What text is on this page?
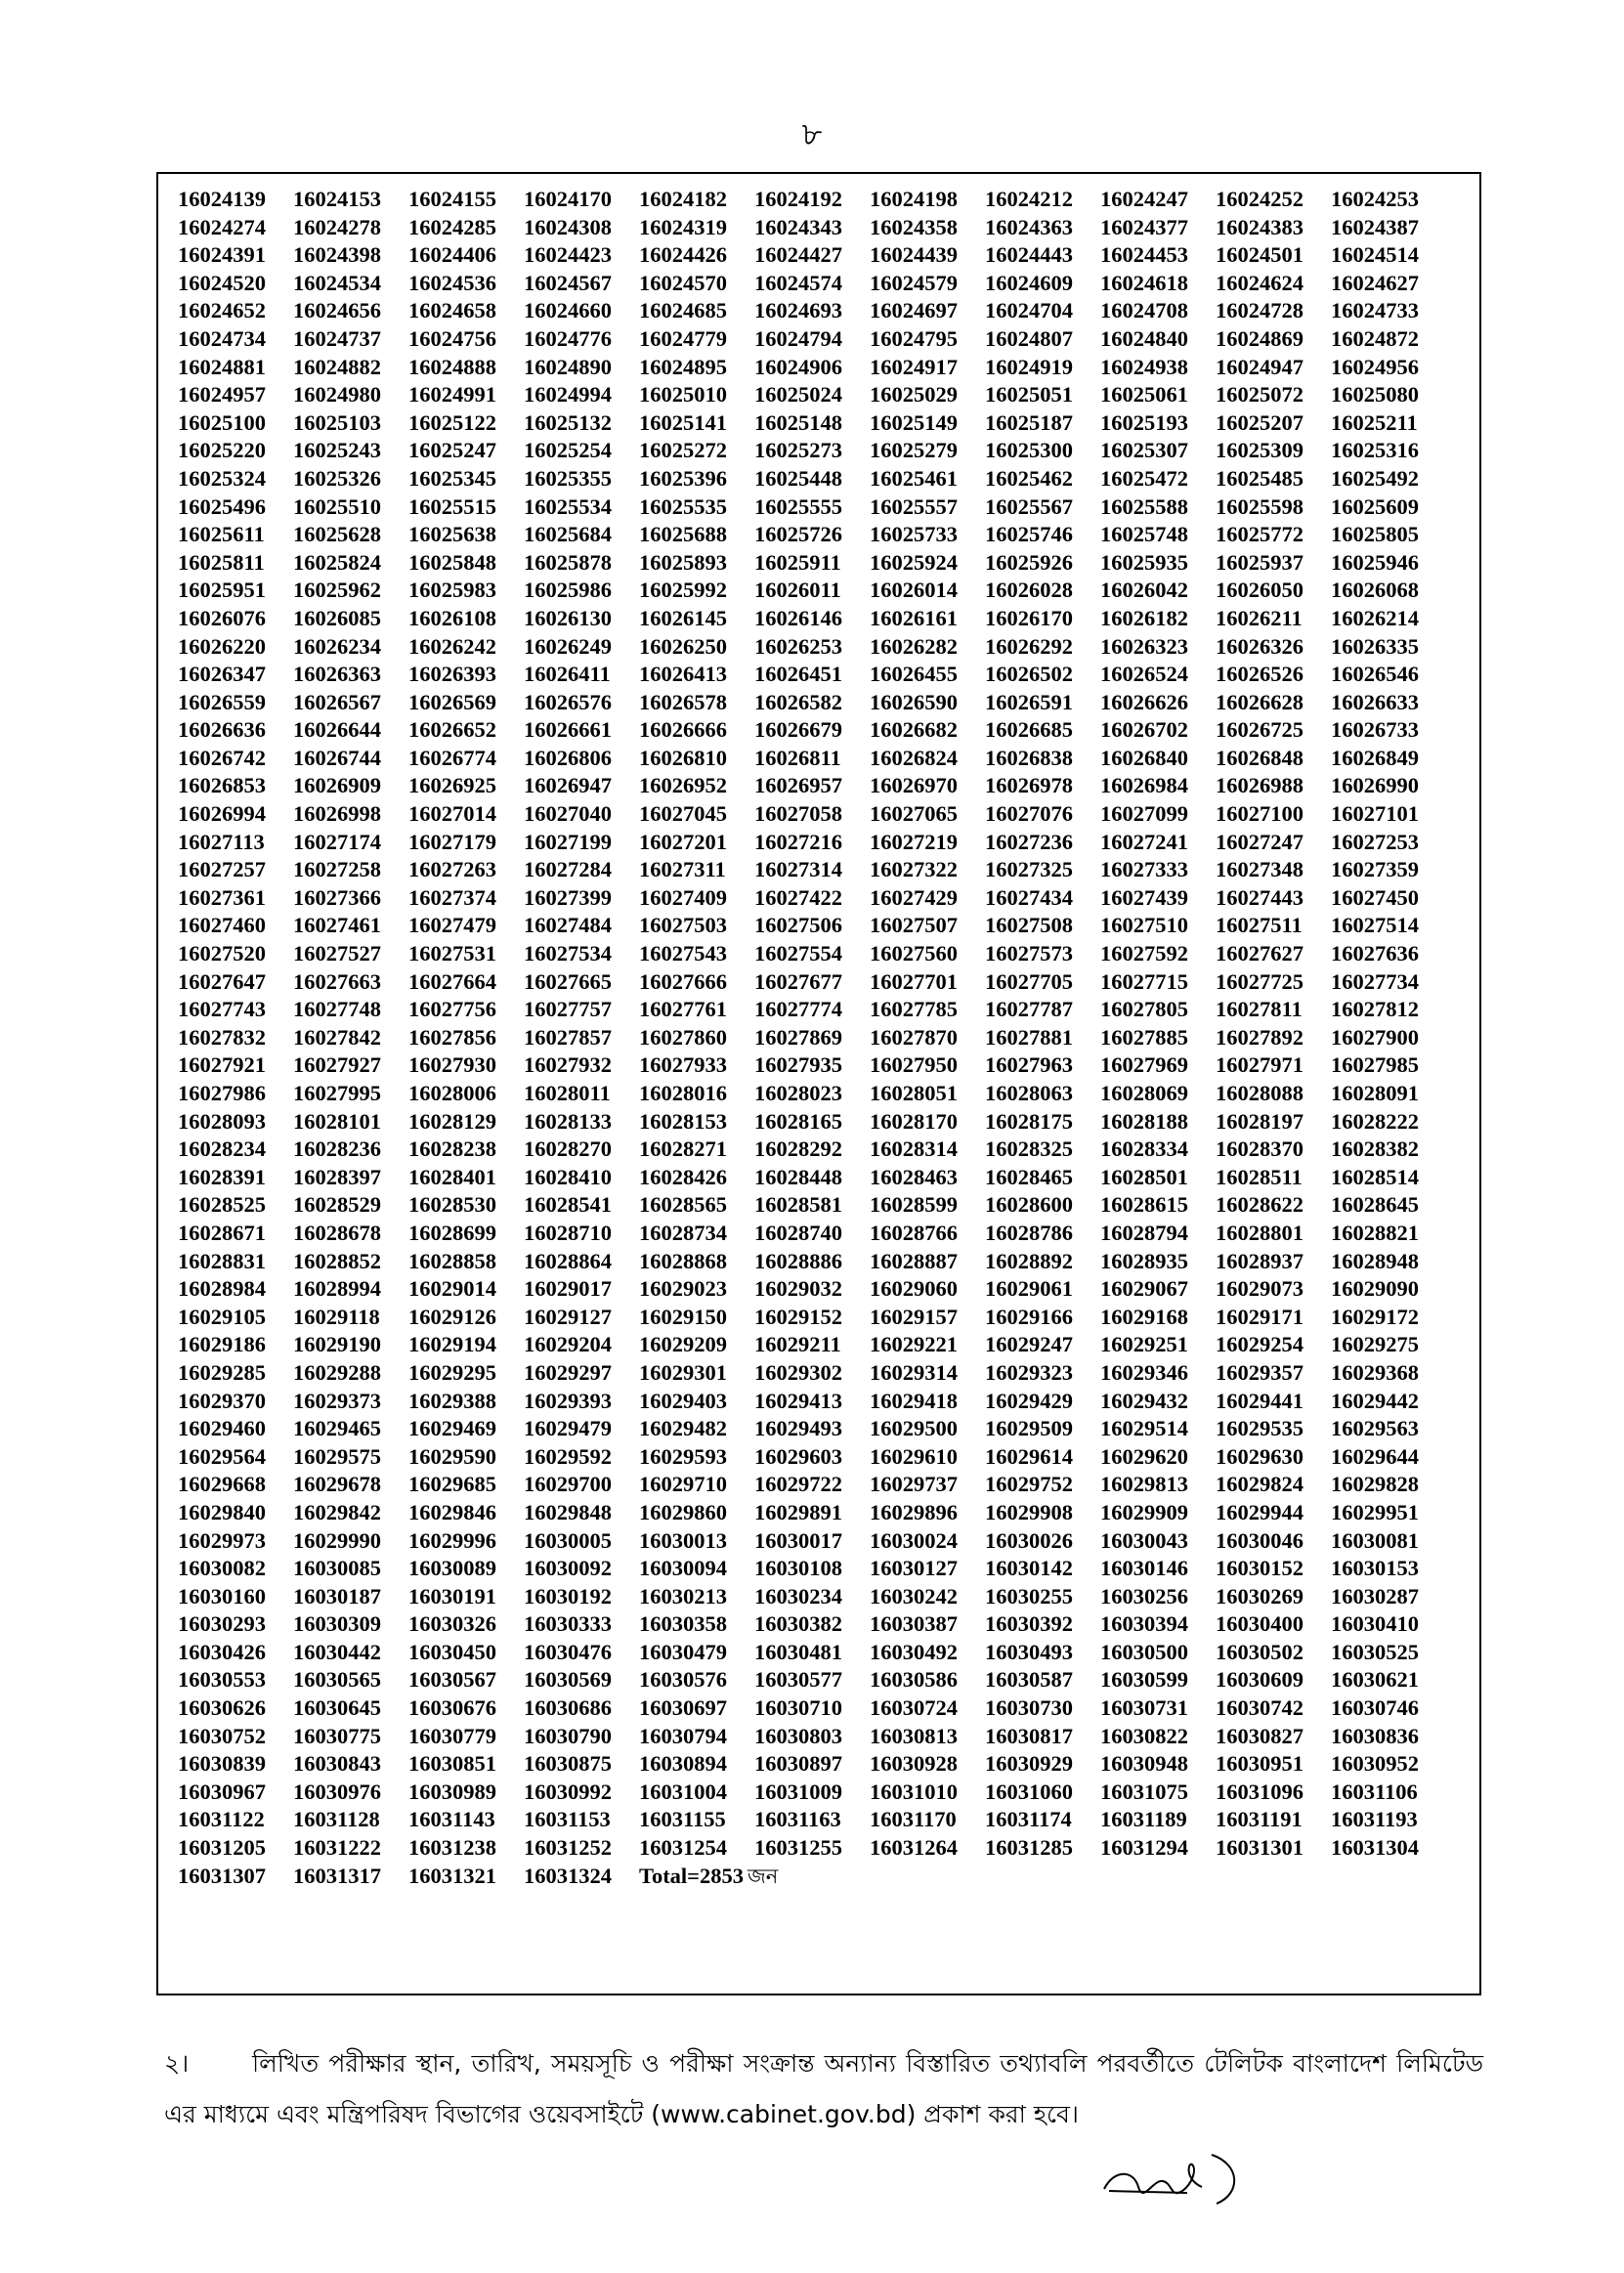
৮
16024139 16024153 16024155 16024170 16024182 16024192 16024198 16024212 16024247 16024252 16024253
16024274 16024278 16024285 16024308 16024319 16024343 16024358 16024363 16024377 16024383 16024387
16024391 16024398 16024406 16024423 16024426 16024427 16024439 16024443 16024453 16024501 16024514
16024520 16024534 16024536 16024567 16024570 16024574 16024579 16024609 16024618 16024624 16024627
16024652 16024656 16024658 16024660 16024685 16024693 16024697 16024704 16024708 16024728 16024733
16024734 16024737 16024756 16024776 16024779 16024794 16024795 16024807 16024840 16024869 16024872
16024881 16024882 16024888 16024890 16024895 16024906 16024917 16024919 16024938 16024947 16024956
16024957 16024980 16024991 16024994 16025010 16025024 16025029 16025051 16025061 16025072 16025080
16025100 16025103 16025122 16025132 16025141 16025148 16025149 16025187 16025193 16025207 16025211
16025220 16025243 16025247 16025254 16025272 16025273 16025279 16025300 16025307 16025309 16025316
16025324 16025326 16025345 16025355 16025396 16025448 16025461 16025462 16025472 16025485 16025492
16025496 16025510 16025515 16025534 16025535 16025555 16025557 16025567 16025588 16025598 16025609
16025611 16025628 16025638 16025684 16025688 16025726 16025733 16025746 16025748 16025772 16025805
16025811 16025824 16025848 16025878 16025893 16025911 16025924 16025926 16025935 16025937 16025946
16025951 16025962 16025983 16025986 16025992 16026011 16026014 16026028 16026042 16026050 16026068
16026076 16026085 16026108 16026130 16026145 16026146 16026161 16026170 16026182 16026211 16026214
16026220 16026234 16026242 16026249 16026250 16026253 16026282 16026292 16026323 16026326 16026335
16026347 16026363 16026393 16026411 16026413 16026451 16026455 16026502 16026524 16026526 16026546
16026559 16026567 16026569 16026576 16026578 16026582 16026590 16026591 16026626 16026628 16026633
16026636 16026644 16026652 16026661 16026666 16026679 16026682 16026685 16026702 16026725 16026733
16026742 16026744 16026774 16026806 16026810 16026811 16026824 16026838 16026840 16026848 16026849
16026853 16026909 16026925 16026947 16026952 16026957 16026970 16026978 16026984 16026988 16026990
16026994 16026998 16027014 16027040 16027045 16027058 16027065 16027076 16027099 16027100 16027101
16027113 16027174 16027179 16027199 16027201 16027216 16027219 16027236 16027241 16027247 16027253
16027257 16027258 16027263 16027284 16027311 16027314 16027322 16027325 16027333 16027348 16027359
16027361 16027366 16027374 16027399 16027409 16027422 16027429 16027434 16027439 16027443 16027450
16027460 16027461 16027479 16027484 16027503 16027506 16027507 16027508 16027510 16027511 16027514
16027520 16027527 16027531 16027534 16027543 16027554 16027560 16027573 16027592 16027627 16027636
16027647 16027663 16027664 16027665 16027666 16027677 16027701 16027705 16027715 16027725 16027734
16027743 16027748 16027756 16027757 16027761 16027774 16027785 16027787 16027805 16027811 16027812
16027832 16027842 16027856 16027857 16027860 16027869 16027870 16027881 16027885 16027892 16027900
16027921 16027927 16027930 16027932 16027933 16027935 16027950 16027963 16027969 16027971 16027985
16027986 16027995 16028006 16028011 16028016 16028023 16028051 16028063 16028069 16028088 16028091
16028093 16028101 16028129 16028133 16028153 16028165 16028170 16028175 16028188 16028197 16028222
16028234 16028236 16028238 16028270 16028271 16028292 16028314 16028325 16028334 16028370 16028382
16028391 16028397 16028401 16028410 16028426 16028448 16028463 16028465 16028501 16028511 16028514
16028525 16028529 16028530 16028541 16028565 16028581 16028599 16028600 16028615 16028622 16028645
16028671 16028678 16028699 16028710 16028734 16028740 16028766 16028786 16028794 16028801 16028821
16028831 16028852 16028858 16028864 16028868 16028886 16028887 16028892 16028935 16028937 16028948
16028984 16028994 16029014 16029017 16029023 16029032 16029060 16029061 16029067 16029073 16029090
16029105 16029118 16029126 16029127 16029150 16029152 16029157 16029166 16029168 16029171 16029172
16029186 16029190 16029194 16029204 16029209 16029211 16029221 16029247 16029251 16029254 16029275
16029285 16029288 16029295 16029297 16029301 16029302 16029314 16029323 16029346 16029357 16029368
16029370 16029373 16029388 16029393 16029403 16029413 16029418 16029429 16029432 16029441 16029442
16029460 16029465 16029469 16029479 16029482 16029493 16029500 16029509 16029514 16029535 16029563
16029564 16029575 16029590 16029592 16029593 16029603 16029610 16029614 16029620 16029630 16029644
16029668 16029678 16029685 16029700 16029710 16029722 16029737 16029752 16029813 16029824 16029828
16029840 16029842 16029846 16029848 16029860 16029891 16029896 16029908 16029909 16029944 16029951
16029973 16029990 16029996 16030005 16030013 16030017 16030024 16030026 16030043 16030046 16030081
16030082 16030085 16030089 16030092 16030094 16030108 16030127 16030142 16030146 16030152 16030153
16030160 16030187 16030191 16030192 16030213 16030234 16030242 16030255 16030256 16030269 16030287
16030293 16030309 16030326 16030333 16030358 16030382 16030387 16030392 16030394 16030400 16030410
16030426 16030442 16030450 16030476 16030479 16030481 16030492 16030493 16030500 16030502 16030525
16030553 16030565 16030567 16030569 16030576 16030577 16030586 16030587 16030599 16030609 16030621
16030626 16030645 16030676 16030686 16030697 16030710 16030724 16030730 16030731 16030742 16030746
16030752 16030775 16030779 16030790 16030794 16030803 16030813 16030817 16030822 16030827 16030836
16030839 16030843 16030851 16030875 16030894 16030897 16030928 16030929 16030948 16030951 16030952
16030967 16030976 16030989 16030992 16031004 16031009 16031010 16031060 16031075 16031096 16031106
16031122 16031128 16031143 16031153 16031155 16031163 16031170 16031174 16031189 16031191 16031193
16031205 16031222 16031238 16031252 16031254 16031255 16031264 16031285 16031294 16031301 16031304
16031307 16031317 16031321 16031324 Total=2853 জন
২।	লিখিত পরীক্ষার স্থান, তারিখ, সময়সূচি ও পরীক্ষা সংক্রান্ত অন্যান্য বিস্তারিত তথ্যাবলি পরবর্তীতে টেলিটক বাংলাদেশ লিমিটেড এর মাধ্যমে এবং মন্ত্রিপরিষদ বিভাগের ওয়েবসাইটে (www.cabinet.gov.bd) প্রকাশ করা হবে।
